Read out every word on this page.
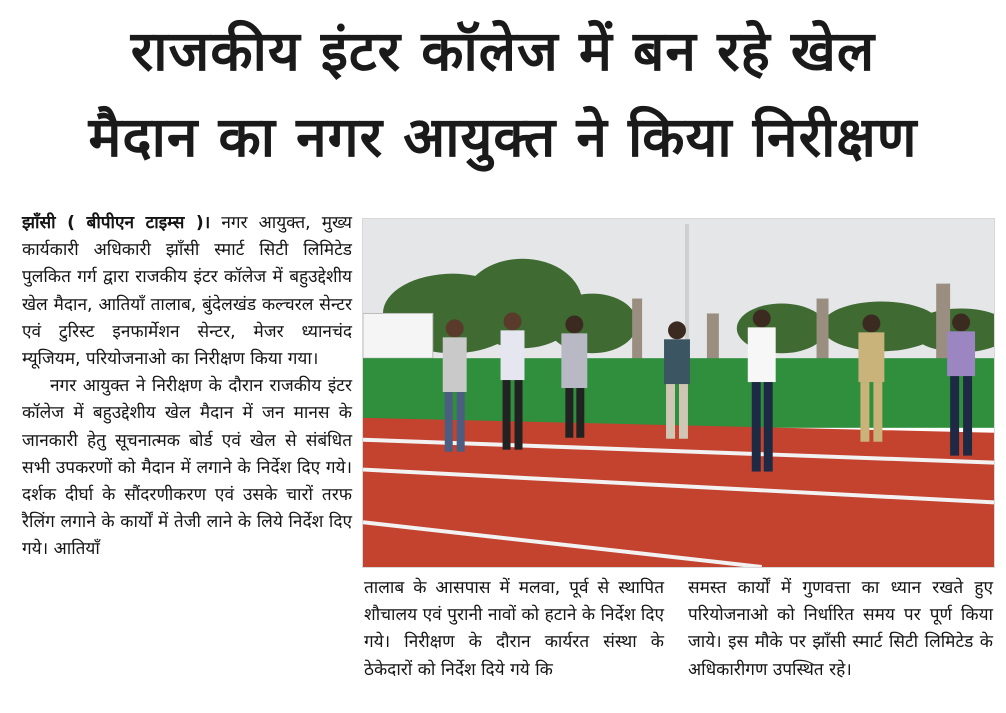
राजकीय इंटर कॉलेज में बन रहे खेल
मैदान का नगर आयुक्त ने किया निरीक्षण

झाँसी ( बीपीएन टाइम्स )। नगर आयुक्त, मुख्य कार्यकारी अधिकारी झाँसी स्मार्ट सिटी लिमिटेड पुलकित गर्ग द्वारा राजकीय इंटर कॉलेज में बहुउद्देशीय खेल मैदान, आतियाँ तालाब, बुंदेलखंड कल्चरल सेन्टर एवं टुरिस्ट इनफार्मेशन सेन्टर, मेजर ध्यानचंद म्यूजियम, परियोजनाओ का निरीक्षण किया गया।

नगर आयुक्त ने निरीक्षण के दौरान राजकीय इंटर कॉलेज में बहुउद्देशीय खेल मैदान में जन मानस के जानकारी हेतु सूचनात्मक बोर्ड एवं खेल से संबंधित सभी उपकरणों को मैदान में लगाने के निर्देश दिए गये। दर्शक दीर्घा के सौंदरणीकरण एवं उसके चारों तरफ रैलिंग लगाने के कार्यों में तेजी लाने के लिये निर्देश दिए गये। आतियाँ

तालाब के आसपास में मलवा, पूर्व से स्थापित शौचालय एवं पुरानी नावों को हटाने के निर्देश दिए गये। निरीक्षण के दौरान कार्यरत संस्था के ठेकेदारों को निर्देश दिये गये कि

समस्त कार्यों में गुणवत्ता का ध्यान रखते हुए परियोजनाओ को निर्धारित समय पर पूर्ण किया जाये। इस मौके पर झाँसी स्मार्ट सिटी लिमिटेड के अधिकारीगण उपस्थित रहे।
